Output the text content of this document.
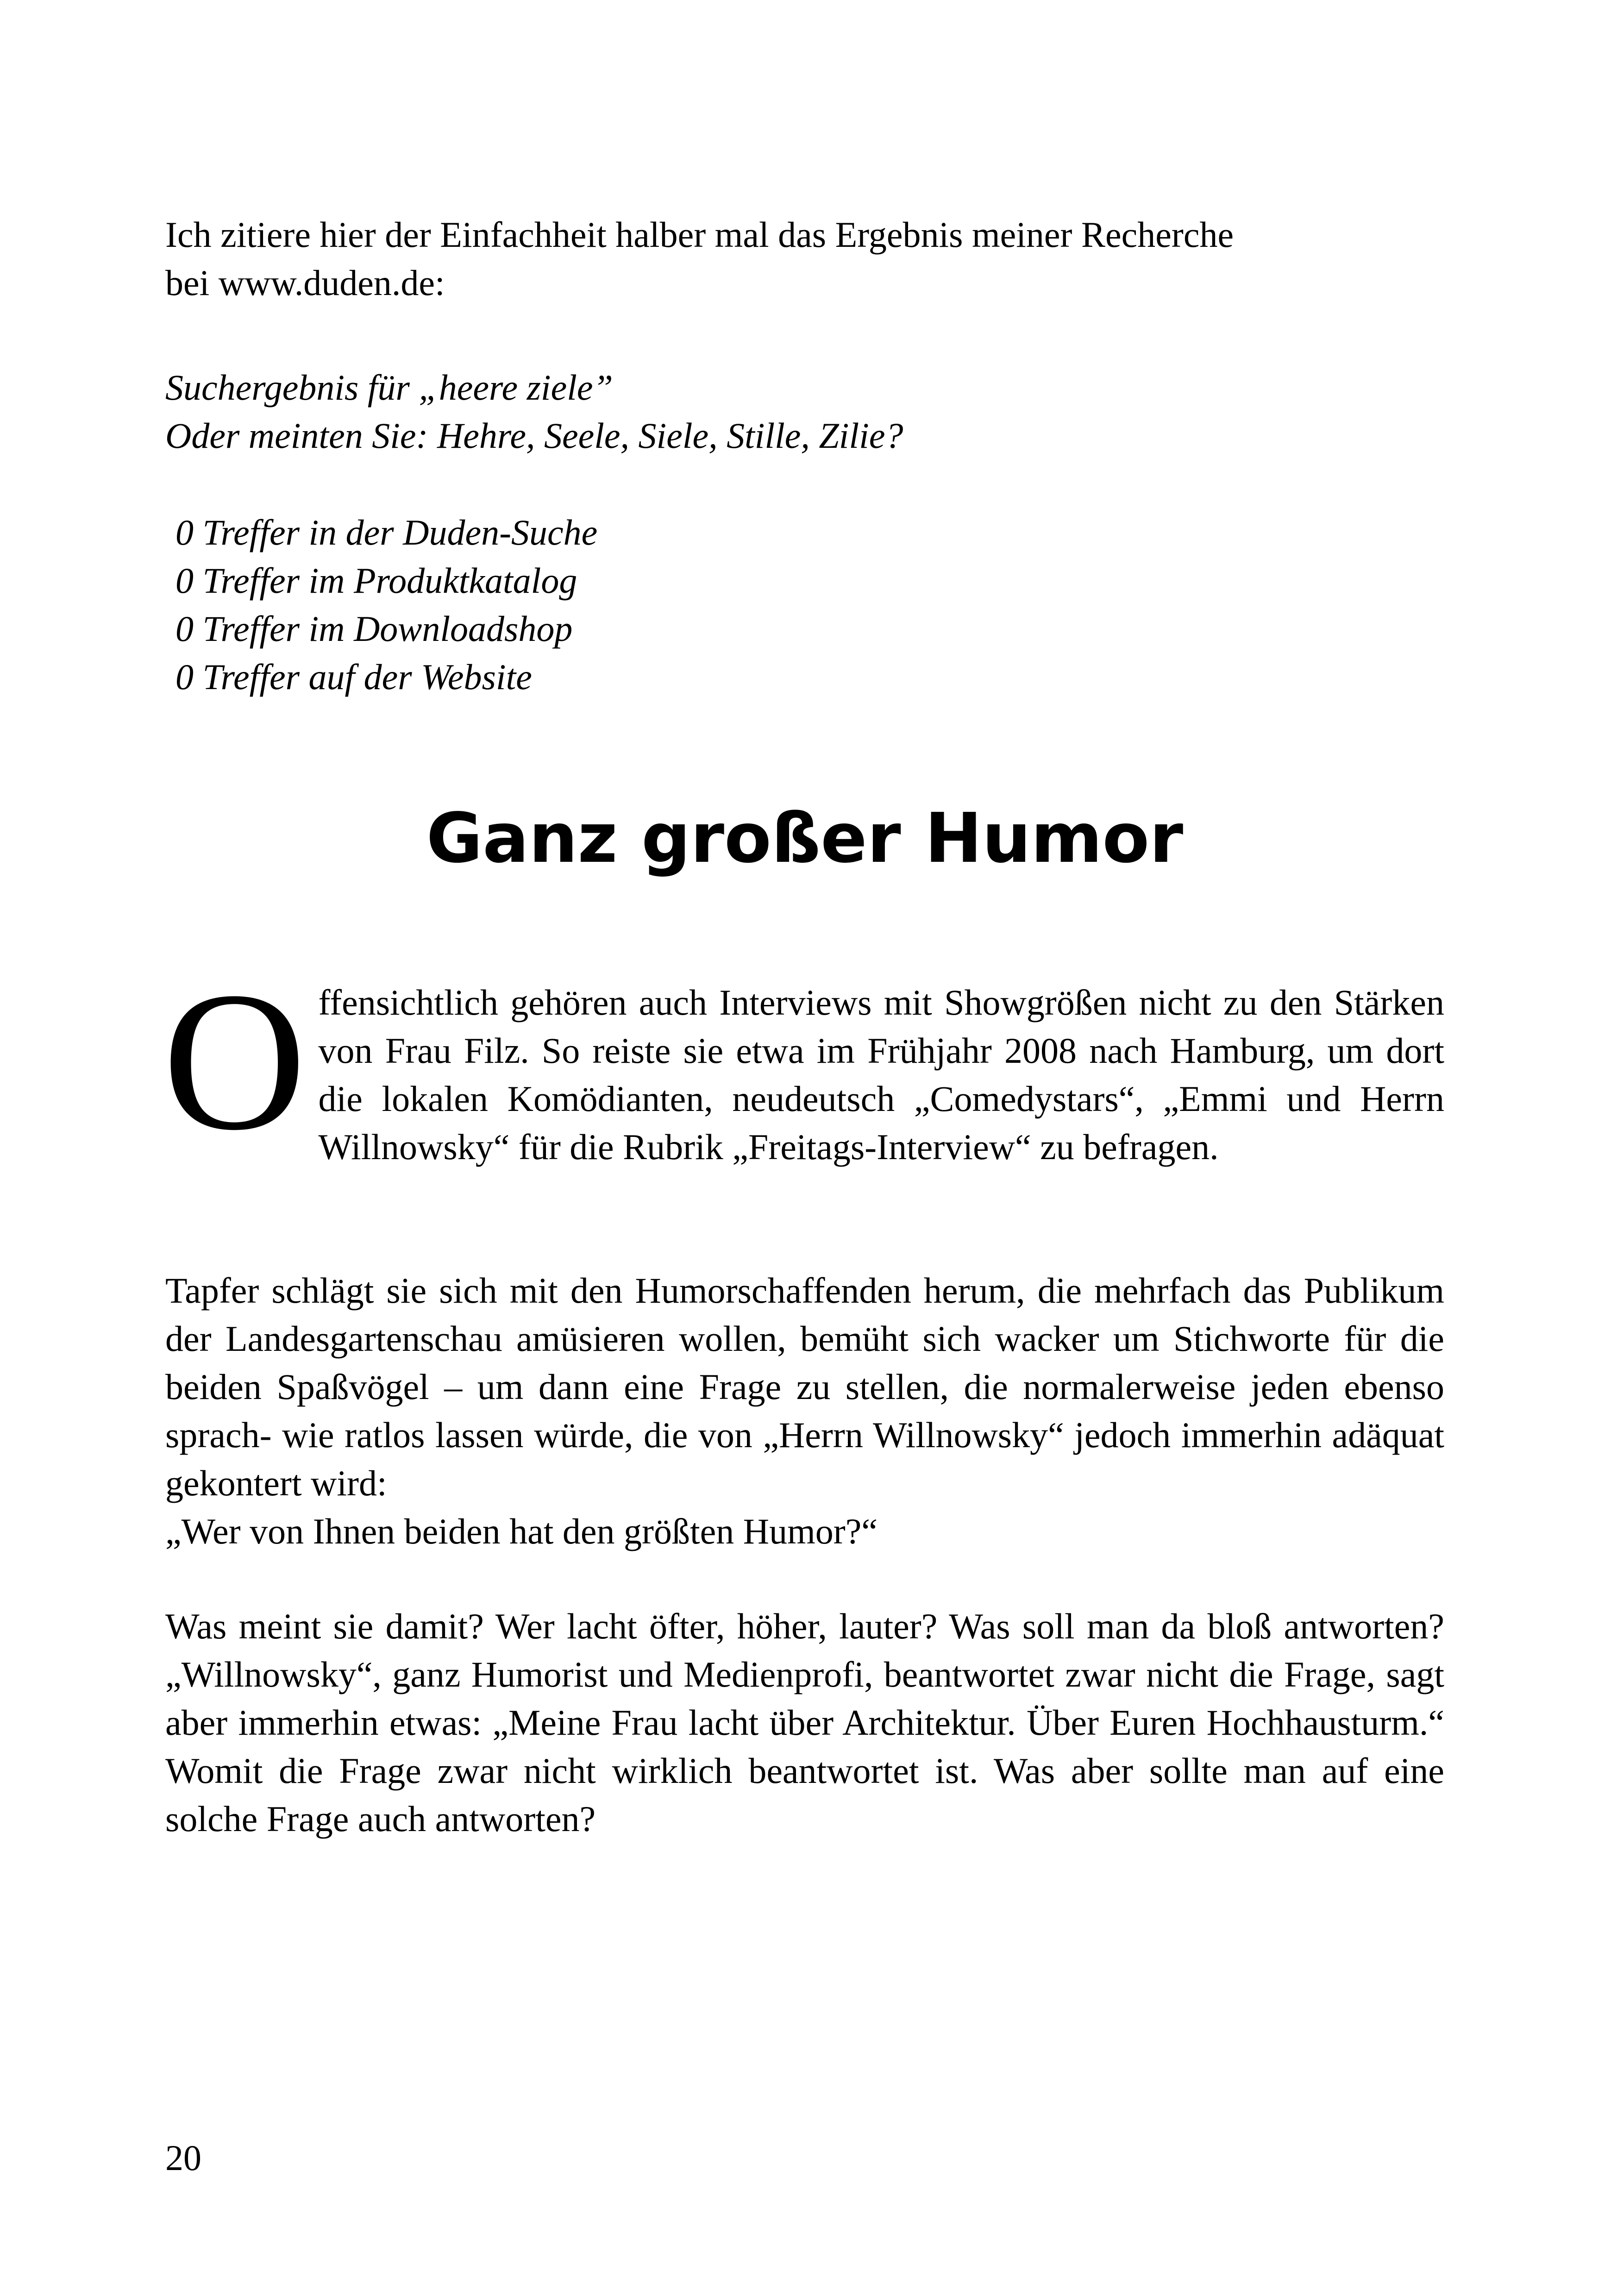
Ich zitiere hier der Einfachheit halber mal das Ergebnis meiner Recherche

bei www.duden.de:

Suchergebnis für „heere ziele”

Oder meinten Sie: Hehre, Seele, Siele, Stille, Zilie?

0 Treffer in der Duden-Suche

0 Treffer im Produktkatalog

0 Treffer im Downloadshop

0 Treffer auf der Website

Ganz großer Humor

O ffensichtlich gehören auch Interviews mit Showgrößen nicht zu den Stärken von Frau Filz. So reiste sie etwa im Frühjahr 2008 nach Hamburg, um dort die lokalen Komödianten, neudeutsch „Comedystars“, „Emmi und Herrn Willnowsky“ für die Rubrik „Freitags-Interview“ zu befragen.

Tapfer schlägt sie sich mit den Humorschaffenden herum, die mehrfach das Publikum der Landesgartenschau amüsieren wollen, bemüht sich wacker um Stichworte für die beiden Spaßvögel – um dann eine Frage zu stellen, die normalerweise jeden ebenso sprach- wie ratlos lassen würde, die von „Herrn Willnowsky“ jedoch immerhin adäquat gekontert wird:
„Wer von Ihnen beiden hat den größten Humor?“

Was meint sie damit? Wer lacht öfter, höher, lauter? Was soll man da bloß antworten? „Willnowsky“, ganz Humorist und Medienprofi, beantwortet zwar nicht die Frage, sagt aber immerhin etwas: „Meine Frau lacht über Architektur. Über Euren Hochhausturm.“ Womit die Frage zwar nicht wirklich beantwortet ist. Was aber sollte man auf eine solche Frage auch antworten?

20
